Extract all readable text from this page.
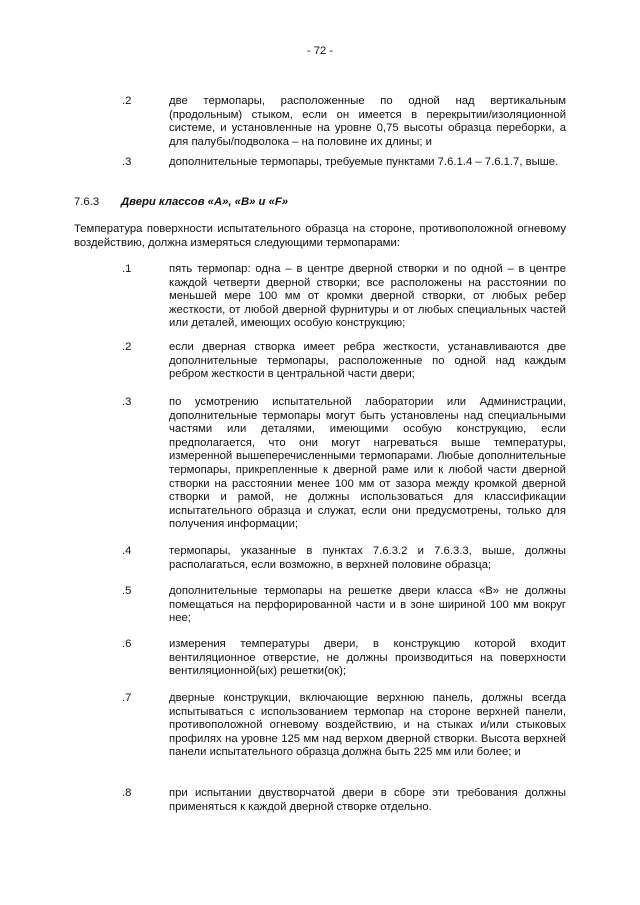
- 72 -
.2	две термопары, расположенные по одной над вертикальным (продольным) стыком, если он имеется в перекрытии/изоляционной системе, и установленные на уровне 0,75 высоты образца переборки, а для палубы/подволока – на половине их длины; и
.3	дополнительные термопары, требуемые пунктами 7.6.1.4 – 7.6.1.7, выше.
7.6.3 Двери классов «A», «B» и «F»
Температура поверхности испытательного образца на стороне, противоположной огневому воздействию, должна измеряться следующими термопарами:
.1	пять термопар: одна – в центре дверной створки и по одной – в центре каждой четверти дверной створки; все расположены на расстоянии по меньшей мере 100 мм от кромки дверной створки, от любых ребер жесткости, от любой дверной фурнитуры и от любых специальных частей или деталей, имеющих особую конструкцию;
.2	если дверная створка имеет ребра жесткости, устанавливаются две дополнительные термопары, расположенные по одной над каждым ребром жесткости в центральной части двери;
.3	по усмотрению испытательной лаборатории или Администрации, дополнительные термопары могут быть установлены над специальными частями или деталями, имеющими особую конструкцию, если предполагается, что они могут нагреваться выше температуры, измеренной вышеперечисленными термопарами. Любые дополнительные термопары, прикрепленные к дверной раме или к любой части дверной створки на расстоянии менее 100 мм от зазора между кромкой дверной створки и рамой, не должны использоваться для классификации испытательного образца и служат, если они предусмотрены, только для получения информации;
.4	термопары, указанные в пунктах 7.6.3.2 и 7.6.3.3, выше, должны располагаться, если возможно, в верхней половине образца;
.5	дополнительные термопары на решетке двери класса «B» не должны помещаться на перфорированной части и в зоне шириной 100 мм вокруг нее;
.6	измерения температуры двери, в конструкцию которой входит вентиляционное отверстие, не должны производиться на поверхности вентиляционной(ых) решетки(ок);
.7	дверные конструкции, включающие верхнюю панель, должны всегда испытываться с использованием термопар на стороне верхней панели, противоположной огневому воздействию, и на стыках и/или стыковых профилях на уровне 125 мм над верхом дверной створки. Высота верхней панели испытательного образца должна быть 225 мм или более; и
.8	при испытании двустворчатой двери в сборе эти требования должны применяться к каждой дверной створке отдельно.
